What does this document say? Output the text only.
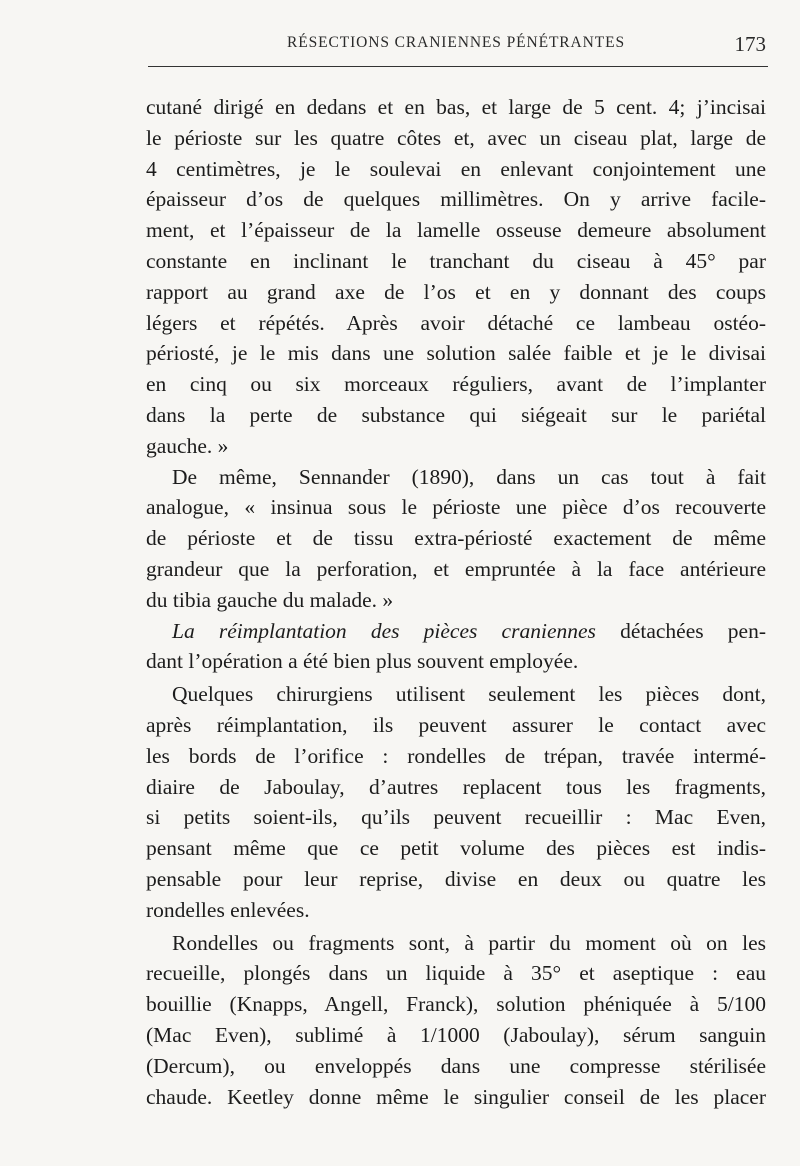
RÉSECTIONS CRANIENNES PÉNÉTRANTES	173
cutané dirigé en dedans et en bas, et large de 5 cent. 4; j’incisai
le périoste sur les quatre côtes et, avec un ciseau plat, large de
4 centimètres, je le soulevai en enlevant conjointement une
épaisseur d’os de quelques millimètres. On y arrive facile-
ment, et l’épaisseur de la lamelle osseuse demeure absolument
constante en inclinant le tranchant du ciseau à 45° par
rapport au grand axe de l’os et en y donnant des coups
légers et répétés. Après avoir détaché ce lambeau ostéo-
périosté, je le mis dans une solution salée faible et je le divisai
en cinq ou six morceaux réguliers, avant de l’implanter
dans la perte de substance qui siégeait sur le pariétal
gauche. »
De même, Sennander (1890), dans un cas tout à fait
analogue, « insinua sous le périoste une pièce d’os recouverte
de périoste et de tissu extra-périosté exactement de même
grandeur que la perforation, et empruntée à la face antérieure
du tibia gauche du malade. »
La réimplantation des pièces craniennes détachées pen-
dant l’opération a été bien plus souvent employée.
Quelques chirurgiens utilisent seulement les pièces dont,
après réimplantation, ils peuvent assurer le contact avec
les bords de l’orifice : rondelles de trépan, travée intermé-
diaire de Jaboulay, d’autres replacent tous les fragments,
si petits soient-ils, qu’ils peuvent recueillir : Mac Even,
pensant même que ce petit volume des pièces est indis-
pensable pour leur reprise, divise en deux ou quatre les
rondelles enlevées.
Rondelles ou fragments sont, à partir du moment où on les
recueille, plongés dans un liquide à 35° et aseptique : eau
bouillie (Knapps, Angell, Franck), solution phéniquée à 5/100
(Mac Even), sublimé à 1/1000 (Jaboulay), sérum sanguin
(Dercum), ou enveloppés dans une compresse stérilisée
chaude. Keetley donne même le singulier conseil de les placer
